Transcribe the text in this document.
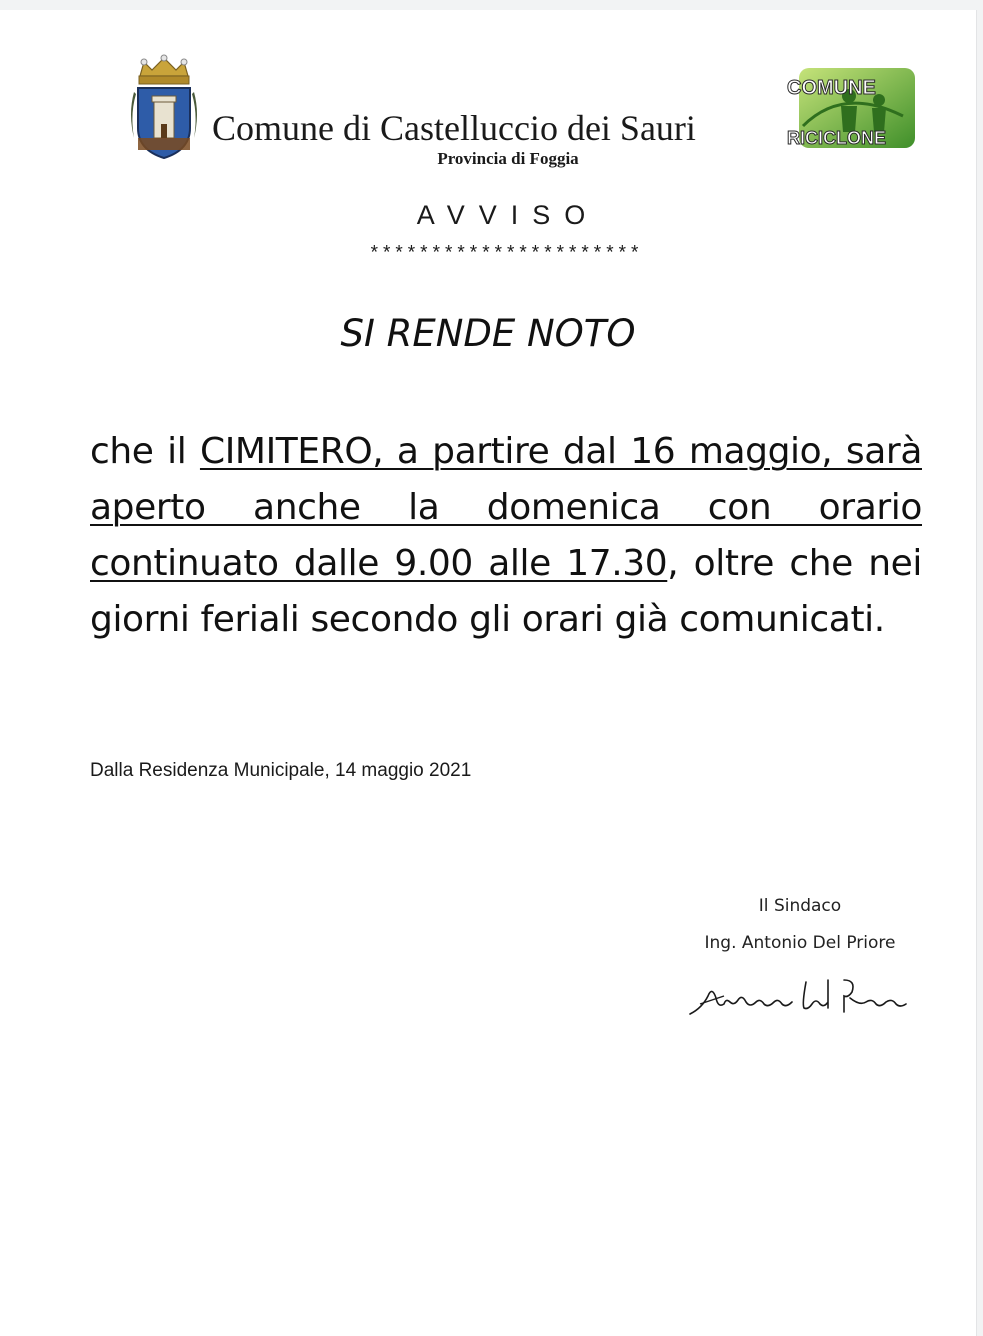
Comune di Castelluccio dei Sauri
Provincia di Foggia
COMUNE
RICICLONE
AVVISO
**********************
SI RENDE NOTO
che il CIMITERO, a partire dal 16 maggio, sarà aperto anche la domenica con orario continuato dalle 9.00 alle 17.30, oltre che nei giorni feriali secondo gli orari già comunicati.
Dalla Residenza Municipale, 14 maggio 2021
Il Sindaco
Ing. Antonio Del Priore
